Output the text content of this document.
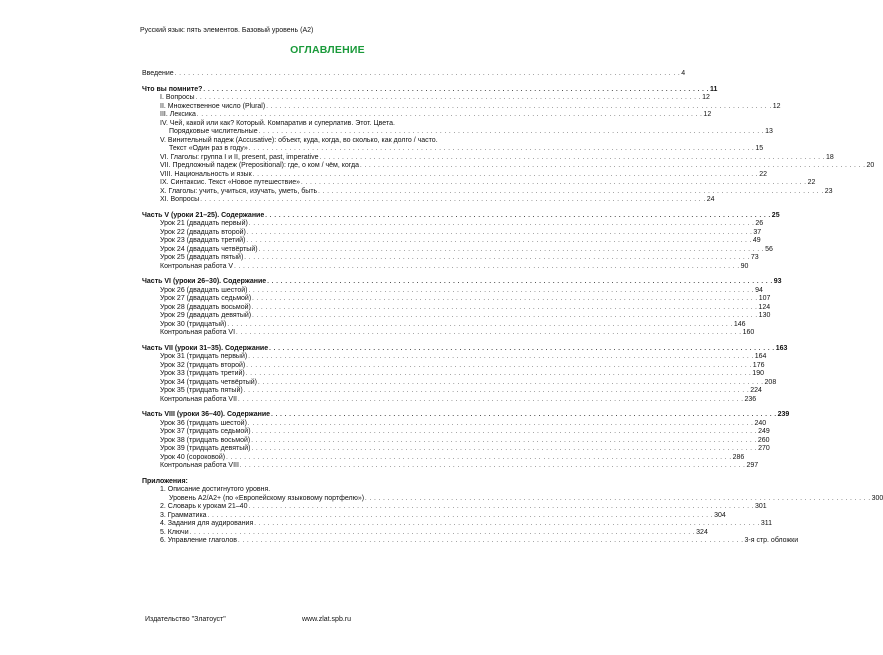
Русский язык: пять элементов. Базовый уровень (А2)
ОГЛАВЛЕНИЕ
Введение . . .	4
Что вы помните? . . .	11
I. Вопросы . . .	12
II. Множественное число (Plural) . . .	12
III. Лексика . . .	12
IV. Чей, какой или как? Который. Компаратив и суперлатив. Этот. Цвета.
Порядковые числительные . . .	13
V. Винительный падеж (Accusative): объект, куда, когда, во сколько, как долго / часто.
Текст «Один раз в году» . . .	15
VI. Глаголы: группа I и II, present, past, imperative . . .	18
VII. Предложный падеж (Prepositional): где, о ком / чём, когда . . .	20
VIII. Национальность и язык . . .	22
IX. Синтаксис. Текст «Новое путешествие» . . .	22
X. Глаголы: учить, учиться, изучать, уметь, быть . . .	23
XI. Вопросы . . .	24
Часть V (уроки 21–25). Содержание . . .	25
Урок 21 (двадцать первый) . . .	26
Урок 22 (двадцать второй) . . .	37
Урок 23 (двадцать третий) . . .	49
Урок 24 (двадцать четвёртый) . . .	56
Урок 25 (двадцать пятый) . . .	73
Контрольная работа V . . .	90
Часть VI (уроки 26–30). Содержание . . .	93
Урок 26 (двадцать шестой) . . .	94
Урок 27 (двадцать седьмой) . . .	107
Урок 28 (двадцать восьмой) . . .	124
Урок 29 (двадцать девятый) . . .	130
Урок 30 (тридцатый) . . .	146
Контрольная работа VI . . .	160
Часть VII (уроки 31–35). Содержание . . .	163
Урок 31 (тридцать первый) . . .	164
Урок 32 (тридцать второй) . . .	176
Урок 33 (тридцать третий) . . .	190
Урок 34 (тридцать четвёртый) . . .	208
Урок 35 (тридцать пятый) . . .	224
Контрольная работа VII . . .	236
Часть VIII (уроки 36–40). Содержание . . .	239
Урок 36 (тридцать шестой) . . .	240
Урок 37 (тридцать седьмой) . . .	249
Урок 38 (тридцать восьмой) . . .	260
Урок 39 (тридцать девятый) . . .	270
Урок 40 (сороковой) . . .	286
Контрольная работа VIII . . .	297
Приложения:
1. Описание достигнутого уровня.
Уровень А2/А2+ (по «Европейскому языковому портфелю») . . .	300
2. Словарь к урокам 21–40 . . .	301
3. Грамматика . . .	304
4. Задания для аудирования . . .	311
5. Ключи . . .	324
6. Управление глаголов . . .	3-я стр. обложки
Издательство "Златоуст"	www.zlat.spb.ru
